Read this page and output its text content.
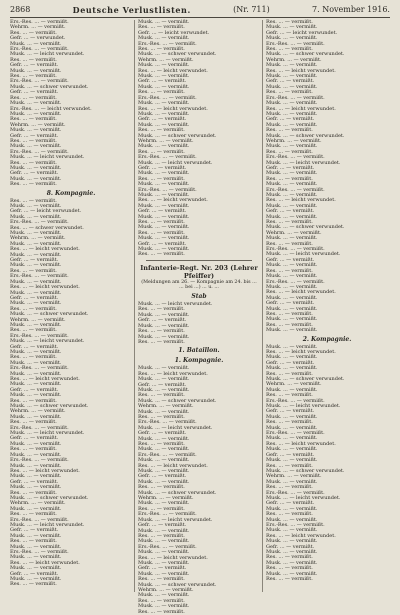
2868	Deutsche Verlustlisten.	(Nr. 711)	7. November 1916.
Ers.-Res. ... — vermißt.
Wehrm. ... — vermißt.
Res. ... — vermißt.
Gefr. ... — verwundet.
Musk. ... — vermißt.
Ers.-Res. ... — vermißt.
Musk. ... — leicht verwundet.
Res. ... — vermißt.
Gefr. ... — vermißt.
Musk. ... — vermißt.
Res. ... — vermißt.
Ers.-Res. ... — vermißt.
Musk. ... — schwer verwundet.
Gefr. ... — vermißt.
Res. ... — vermißt.
Musk. ... — vermißt.
Ers.-Res. ... — leicht verwundet.
Musk. ... — vermißt.
Res. ... — vermißt.
Wehrm. ... — vermißt.
Musk. ... — vermißt.
Gefr. ... — vermißt.
Res. ... — vermißt.
Musk. ... — vermißt.
Ers.-Res. ... — vermißt.
Musk. ... — leicht verwundet.
Res. ... — vermißt.
Musk. ... — vermißt.
Gefr. ... — vermißt.
Musk. ... — vermißt.
Res. ... — vermißt.
8. Kompagnie.
Res. ... — vermißt.
Musk. ... — vermißt.
Gefr. ... — leicht verwundet.
Musk. ... — vermißt.
Ers.-Res. ... — vermißt.
Res. ... — schwer verwundet.
Musk. ... — vermißt.
Wehrm. ... — vermißt.
Musk. ... — vermißt.
Res. ... — leicht verwundet.
Musk. ... — vermißt.
Gefr. ... — vermißt.
Musk. ... — vermißt.
Res. ... — vermißt.
Ers.-Res. ... — vermißt.
Musk. ... — vermißt.
Res. ... — leicht verwundet.
Musk. ... — vermißt.
Gefr. ... — vermißt.
Musk. ... — vermißt.
Res. ... — vermißt.
Musk. ... — schwer verwundet.
Wehrm. ... — vermißt.
Musk. ... — vermißt.
Res. ... — vermißt.
Ers.-Res. ... — vermißt.
Musk. ... — leicht verwundet.
Gefr. ... — vermißt.
Musk. ... — vermißt.
Res. ... — vermißt.
Musk. ... — vermißt.
Ers.-Res. ... — vermißt.
Musk. ... — vermißt.
Res. ... — leicht verwundet.
Musk. ... — vermißt.
Gefr. ... — vermißt.
Musk. ... — vermißt.
Res. ... — vermißt.
Musk. ... — schwer verwundet.
Wehrm. ... — vermißt.
Musk. ... — vermißt.
Res. ... — vermißt.
Ers.-Res. ... — vermißt.
Musk. ... — leicht verwundet.
Gefr. ... — vermißt.
Musk. ... — vermißt.
Res. ... — vermißt.
Musk. ... — vermißt.
Ers.-Res. ... — vermißt.
Musk. ... — vermißt.
Res. ... — leicht verwundet.
Musk. ... — vermißt.
Gefr. ... — vermißt.
Musk. ... — vermißt.
Res. ... — vermißt.
Musk. ... — schwer verwundet.
Wehrm. ... — vermißt.
Musk. ... — vermißt.
Res. ... — vermißt.
Ers.-Res. ... — vermißt.
Musk. ... — leicht verwundet.
Gefr. ... — vermißt.
Musk. ... — vermißt.
Res. ... — vermißt.
Musk. ... — vermißt.
Ers.-Res. ... — vermißt.
Musk. ... — vermißt.
Res. ... — leicht verwundet.
Musk. ... — vermißt.
Gefr. ... — vermißt.
Musk. ... — vermißt.
Res. ... — vermißt.
Musk. ... — vermißt.
Res. ... — vermißt.
Gefr. ... — leicht verwundet.
Musk. ... — vermißt.
Ers.-Res. ... — vermißt.
Res. ... — vermißt.
Musk. ... — schwer verwundet.
Wehrm. ... — vermißt.
Musk. ... — vermißt.
Res. ... — leicht verwundet.
Musk. ... — vermißt.
Gefr. ... — vermißt.
Musk. ... — vermißt.
Res. ... — vermißt.
Ers.-Res. ... — vermißt.
Musk. ... — vermißt.
Res. ... — leicht verwundet.
Musk. ... — vermißt.
Gefr. ... — vermißt.
Musk. ... — vermißt.
Res. ... — vermißt.
Musk. ... — schwer verwundet.
Wehrm. ... — vermißt.
Musk. ... — vermißt.
Res. ... — vermißt.
Ers.-Res. ... — vermißt.
Musk. ... — leicht verwundet.
Gefr. ... — vermißt.
Musk. ... — vermißt.
Res. ... — vermißt.
Musk. ... — vermißt.
Ers.-Res. ... — vermißt.
Musk. ... — vermißt.
Res. ... — leicht verwundet.
Musk. ... — vermißt.
Gefr. ... — vermißt.
Musk. ... — vermißt.
Res. ... — vermißt.
Musk. ... — vermißt.
Res. ... — vermißt.
Musk. ... — vermißt.
Gefr. ... — vermißt.
Musk. ... — vermißt.
Res. ... — vermißt.
Infanterie-Regt. Nr. 203 (Lehrer Pfeiffer)
(Meldungen am 26. — Kompagnie am 24. bis ...
... bei ...) ... u. ...
Stab
Musk. ... — leicht verwundet.
Res. ... — vermißt.
Musk. ... — vermißt.
Gefr. ... — vermißt.
Musk. ... — vermißt.
Res. ... — vermißt.
Musk. ... — vermißt.
Res. ... — vermißt.
1. Bataillon.
1. Kompagnie.
Musk. ... — vermißt.
Res. ... — leicht verwundet.
Musk. ... — vermißt.
Gefr. ... — vermißt.
Musk. ... — vermißt.
Res. ... — vermißt.
Musk. ... — schwer verwundet.
Wehrm. ... — vermißt.
Musk. ... — vermißt.
Res. ... — vermißt.
Ers.-Res. ... — vermißt.
Musk. ... — leicht verwundet.
Gefr. ... — vermißt.
Musk. ... — vermißt.
Res. ... — vermißt.
Musk. ... — vermißt.
Ers.-Res. ... — vermißt.
Musk. ... — vermißt.
Res. ... — leicht verwundet.
Musk. ... — vermißt.
Gefr. ... — vermißt.
Musk. ... — vermißt.
Res. ... — vermißt.
Musk. ... — schwer verwundet.
Wehrm. ... — vermißt.
Musk. ... — vermißt.
Res. ... — vermißt.
Ers.-Res. ... — vermißt.
Musk. ... — leicht verwundet.
Gefr. ... — vermißt.
Musk. ... — vermißt.
Res. ... — vermißt.
Musk. ... — vermißt.
Ers.-Res. ... — vermißt.
Musk. ... — vermißt.
Res. ... — leicht verwundet.
Musk. ... — vermißt.
Gefr. ... — vermißt.
Musk. ... — vermißt.
Res. ... — vermißt.
Musk. ... — schwer verwundet.
Wehrm. ... — vermißt.
Musk. ... — vermißt.
Res. ... — vermißt.
Musk. ... — vermißt.
Res. ... — vermißt.
Res. ... — vermißt.
Musk. ... — vermißt.
Gefr. ... — leicht verwundet.
Musk. ... — vermißt.
Ers.-Res. ... — vermißt.
Res. ... — vermißt.
Musk. ... — schwer verwundet.
Wehrm. ... — vermißt.
Musk. ... — vermißt.
Res. ... — leicht verwundet.
Musk. ... — vermißt.
Gefr. ... — vermißt.
Musk. ... — vermißt.
Res. ... — vermißt.
Ers.-Res. ... — vermißt.
Musk. ... — vermißt.
Res. ... — leicht verwundet.
Musk. ... — vermißt.
Gefr. ... — vermißt.
Musk. ... — vermißt.
Res. ... — vermißt.
Musk. ... — schwer verwundet.
Wehrm. ... — vermißt.
Musk. ... — vermißt.
Res. ... — vermißt.
Ers.-Res. ... — vermißt.
Musk. ... — leicht verwundet.
Gefr. ... — vermißt.
Musk. ... — vermißt.
Res. ... — vermißt.
Musk. ... — vermißt.
Ers.-Res. ... — vermißt.
Musk. ... — vermißt.
Res. ... — leicht verwundet.
Musk. ... — vermißt.
Gefr. ... — vermißt.
Musk. ... — vermißt.
Res. ... — vermißt.
Musk. ... — schwer verwundet.
Wehrm. ... — vermißt.
Musk. ... — vermißt.
Res. ... — vermißt.
Ers.-Res. ... — vermißt.
Musk. ... — leicht verwundet.
Gefr. ... — vermißt.
Musk. ... — vermißt.
Res. ... — vermißt.
Musk. ... — vermißt.
Ers.-Res. ... — vermißt.
Musk. ... — vermißt.
Res. ... — leicht verwundet.
Musk. ... — vermißt.
Gefr. ... — vermißt.
Musk. ... — vermißt.
Res. ... — vermißt.
Musk. ... — vermißt.
Res. ... — vermißt.
Musk. ... — vermißt.
2. Kompagnie.
Musk. ... — vermißt.
Res. ... — leicht verwundet.
Musk. ... — vermißt.
Gefr. ... — vermißt.
Musk. ... — vermißt.
Res. ... — vermißt.
Musk. ... — schwer verwundet.
Wehrm. ... — vermißt.
Musk. ... — vermißt.
Res. ... — vermißt.
Ers.-Res. ... — vermißt.
Musk. ... — leicht verwundet.
Gefr. ... — vermißt.
Musk. ... — vermißt.
Res. ... — vermißt.
Musk. ... — vermißt.
Ers.-Res. ... — vermißt.
Musk. ... — vermißt.
Res. ... — leicht verwundet.
Musk. ... — vermißt.
Gefr. ... — vermißt.
Musk. ... — vermißt.
Res. ... — vermißt.
Musk. ... — schwer verwundet.
Wehrm. ... — vermißt.
Musk. ... — vermißt.
Res. ... — vermißt.
Ers.-Res. ... — vermißt.
Musk. ... — leicht verwundet.
Gefr. ... — vermißt.
Musk. ... — vermißt.
Res. ... — vermißt.
Musk. ... — vermißt.
Ers.-Res. ... — vermißt.
Musk. ... — vermißt.
Res. ... — leicht verwundet.
Musk. ... — vermißt.
Gefr. ... — vermißt.
Musk. ... — vermißt.
Res. ... — vermißt.
Musk. ... — vermißt.
Res. ... — vermißt.
Musk. ... — vermißt.
Res. ... — vermißt.
